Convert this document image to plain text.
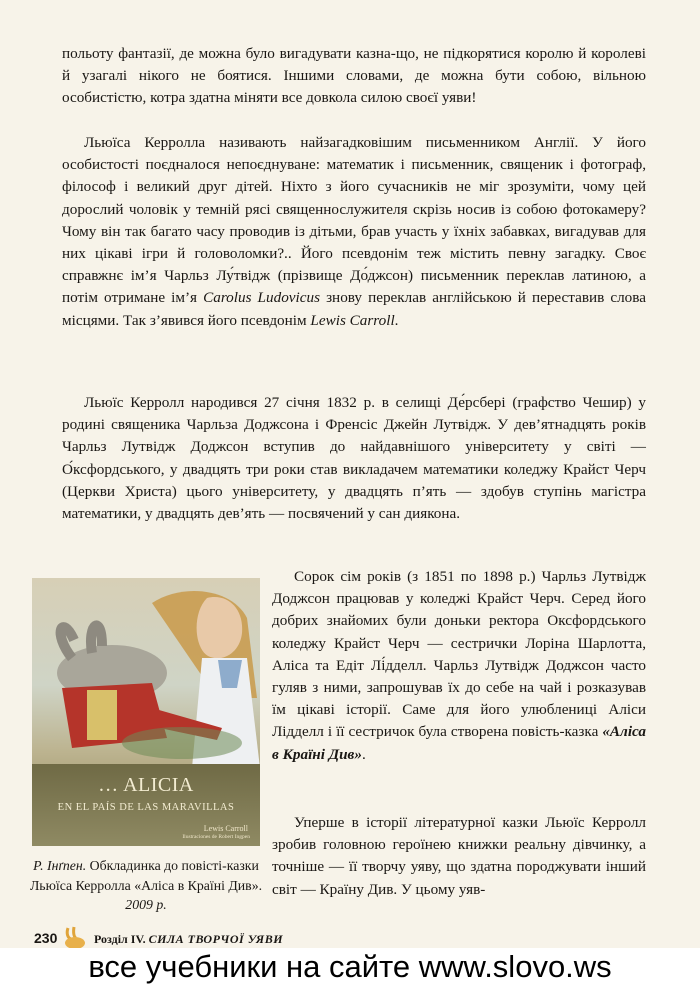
польоту фантазії, де можна було вигадувати казна-що, не підкорятися королю й королеві й узагалі нікого не боятися. Іншими словами, де можна бути собою, вільною особистістю, котра здатна міняти все довкола силою своєї уяви!

Льюїса Керролла називають найзагадковішим письменником Англії. У його особистості поєдналося непоєднуване: математик і письменник, священик і фотограф, філософ і великий друг дітей. Ніхто з його сучасників не міг зрозуміти, чому цей дорослий чоловік у темній рясі священнослужителя скрізь носив із собою фотокамеру? Чому він так багато часу проводив із дітьми, брав участь у їхніх забавках, вигадував для них цікаві ігри й головоломки?.. Його псевдонім теж містить певну загадку. Своє справжнє ім’я Чарльз Лу́твідж (прізвище До́джсон) письменник переклав латиною, а потім отримане ім’я Carolus Ludovicus знову переклав англійською й переставив слова місцями. Так з’явився його псевдонім Lewis Carroll.

Льюїс Керролл народився 27 січня 1832 р. в селищі Де́рсбері (графство Чешир) у родині священика Чарльза Доджсона і Френсіс Джейн Лутвідж. У дев’ятнадцять років Чарльз Лутвідж Доджсон вступив до найдавнішого університету у світі — О́ксфордського, у двадцять три роки став викладачем математики коледжу Крайст Черч (Церкви Христа) цього університету, у двадцять п’ять — здобув ступінь магістра математики, у двадцять дев’ять — посвячений у сан диякона.

Сорок сім років (з 1851 по 1898 р.) Чарльз Лутвідж Доджсон працював у коледжі Крайст Черч. Серед його добрих знайомих були доньки ректора Оксфордського коледжу Крайст Черч — сестрички Лоріна Шарлотта, Аліса та Едіт Лі́дделл. Чарльз Лутвідж Доджсон часто гуляв з ними, запрошував їх до себе на чай і розказував їм цікаві історії. Саме для його улюблениці Аліси Лідделл і її сестричок була створена повість-казка «Аліса в Країні Див».

Уперше в історії літературної казки Льюїс Керролл зробив головною героїнею книжки реальну дівчинку, а точніше — її творчу уяву, що здатна породжувати інший світ — Країну Див. У цьому уяв-

… ALICIA
EN EL PAÍS DE LAS MARAVILLAS
Lewis Carroll
Ilustraciones de Robert Ingpen

Р. Інґпен. Обкладинка до повісті-казки Льюїса Керролла «Аліса в Країні Див». 2009 р.

230	Розділ IV. СИЛА ТВОРЧОЇ УЯВИ
все учебники на сайте www.slovo.ws
